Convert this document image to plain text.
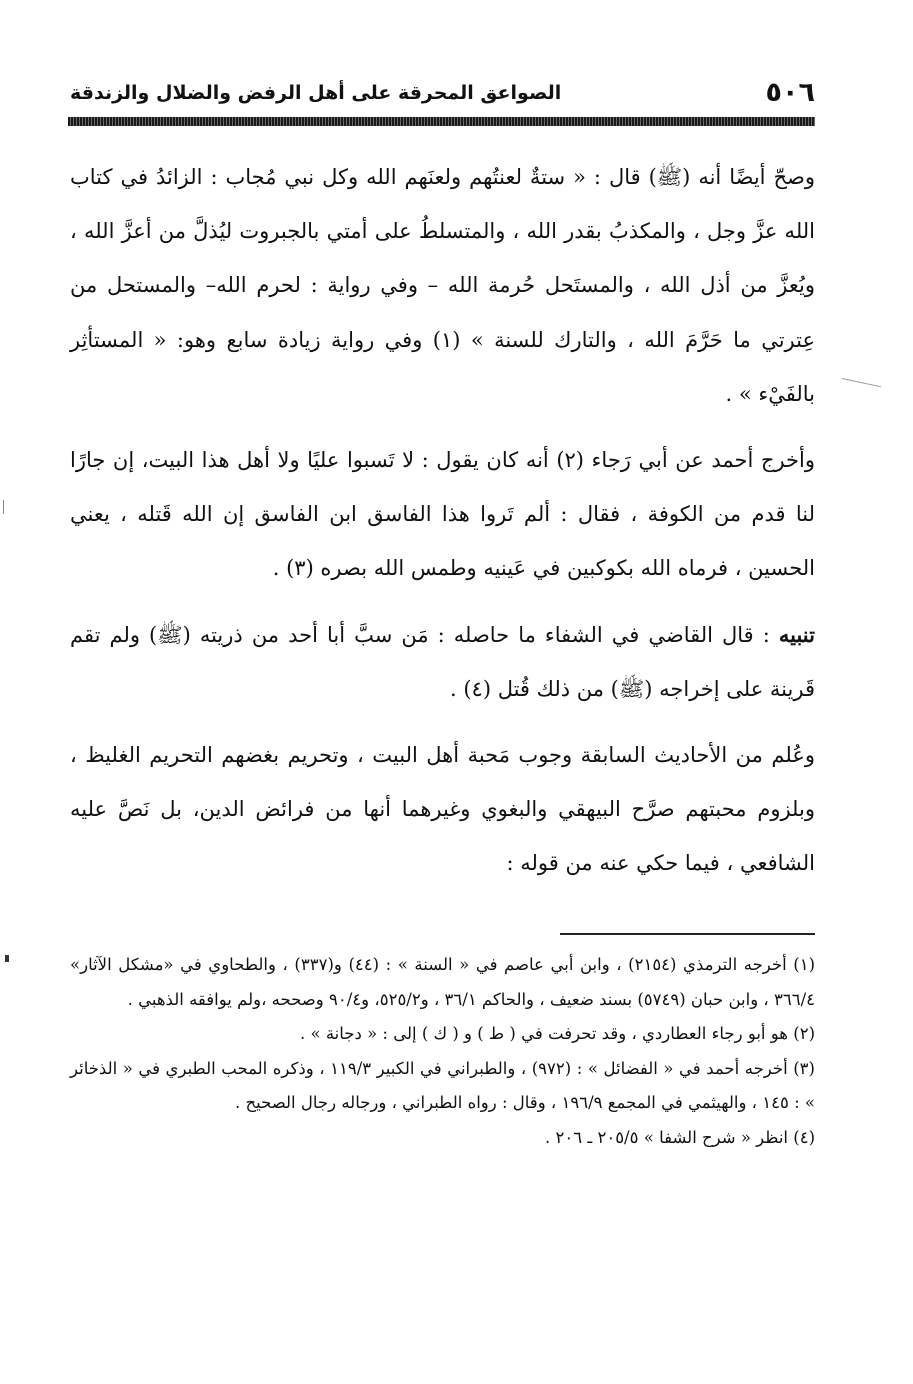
٥٠٦
الصواعق المحرقة على أهل الرفض والضلال والزندقة

وصحّ أيضًا أنه (ﷺ) قال : « ستةٌ لعنتُهم ولعنَهم الله وكل نبي مُجاب : الزائدُ في كتاب الله عزَّ وجل ، والمكذبُ بقدر الله ، والمتسلطُ على أمتي بالجبروت ليُذلَّ من أعزَّ الله ، ويُعزَّ من أذل الله ، والمستَحل حُرمة الله – وفي رواية : لحرم الله– والمستحل من عِترتي ما حَرَّمَ الله ، والتارك للسنة » (١) وفي رواية زيادة سابع وهو: « المستأثِر بالفَيْء » .

وأخرج أحمد عن أبي رَجاء (٢) أنه كان يقول : لا تَسبوا عليًا ولا أهل هذا البيت، إن جارًا لنا قدم من الكوفة ، فقال : ألم تَروا هذا الفاسق ابن الفاسق إن الله قَتله ، يعني الحسين ، فرماه الله بكوكبين في عَينيه وطمس الله بصره (٣) .

تنبيه : قال القاضي في الشفاء ما حاصله : مَن سبَّ أبا أحد من ذريته (ﷺ) ولم تقم قَرينة على إخراجه (ﷺ) من ذلك قُتل (٤) .

وعُلم من الأحاديث السابقة وجوب مَحبة أهل البيت ، وتحريم بغضهم التحريم الغليظ ، وبلزوم محبتهم صرَّح البيهقي والبغوي وغيرهما أنها من فرائض الدين، بل نَصَّ عليه الشافعي ، فيما حكي عنه من قوله :

(١) أخرجه الترمذي (٢١٥٤) ، وابن أبي عاصم في « السنة » : (٤٤) و(٣٣٧) ، والطحاوي في «مشكل الآثار» ٣٦٦/٤ ، وابن حبان (٥٧٤٩) بسند ضعيف ، والحاكم ٣٦/١ ، و٥٢٥/٢، و٩٠/٤ وصححه ،ولم يوافقه الذهبي .

(٢) هو أبو رجاء العطاردي ، وقد تحرفت في ( ط ) و ( ك ) إلى : « دجانة » .

(٣) أخرجه أحمد في « الفضائل » : (٩٧٢) ، والطبراني في الكبير ١١٩/٣ ، وذكره المحب الطبري في « الذخائر » : ١٤٥ ، والهيثمي في المجمع ١٩٦/٩ ، وقال : رواه الطبراني ، ورجاله رجال الصحيح .

(٤) انظر « شرح الشفا » ٢٠٥/٥ ـ ٢٠٦ .
